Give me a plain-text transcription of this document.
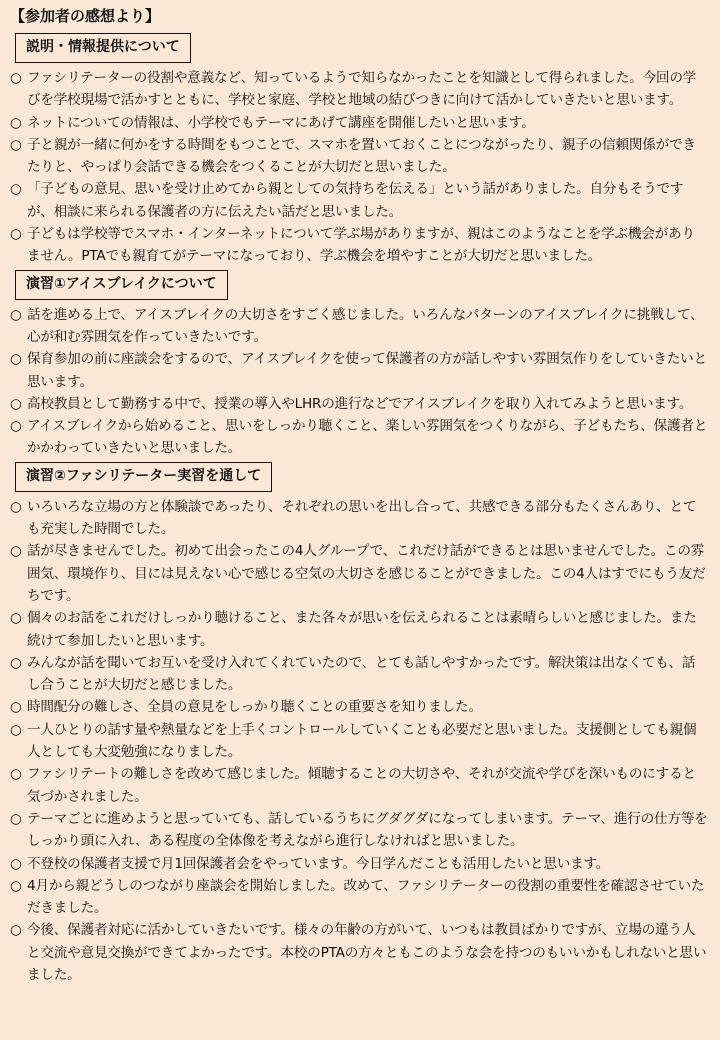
【参加者の感想より】
説明・情報提供について
○ ファシリテーターの役割や意義など、知っているようで知らなかったことを知識として得られました。今回の学びを学校現場で活かすとともに、学校と家庭、学校と地域の結びつきに向けて活かしていきたいと思います。
○ ネットについての情報は、小学校でもテーマにあげて講座を開催したいと思います。
○ 子と親が一緒に何かをする時間をもつことで、スマホを置いておくことにつながったり、親子の信頼関係ができたりと、やっぱり会話できる機会をつくることが大切だと思いました。
○ 「子どもの意見、思いを受け止めてから親としての気持ちを伝える」という話がありました。自分もそうですが、相談に来られる保護者の方に伝えたい話だと思いました。
○ 子どもは学校等でスマホ・インターネットについて学ぶ場がありますが、親はこのようなことを学ぶ機会がありません。PTAでも親育てがテーマになっており、学ぶ機会を増やすことが大切だと思いました。
演習①アイスブレイクについて
○ 話を進める上で、アイスブレイクの大切さをすごく感じました。いろんなパターンのアイスブレイクに挑戦して、心が和む雰囲気を作っていきたいです。
○ 保育参加の前に座談会をするので、アイスブレイクを使って保護者の方が話しやすい雰囲気作りをしていきたいと思います。
○ 高校教員として勤務する中で、授業の導入やLHRの進行などでアイスブレイクを取り入れてみようと思います。
○ アイスブレイクから始めること、思いをしっかり聴くこと、楽しい雰囲気をつくりながら、子どもたち、保護者とかかわっていきたいと思いました。
演習②ファシリテーター実習を通して
○ いろいろな立場の方と体験談であったり、それぞれの思いを出し合って、共感できる部分もたくさんあり、とても充実した時間でした。
○ 話が尽きませんでした。初めて出会ったこの4人グループで、これだけ話ができるとは思いませんでした。この雰囲気、環境作り、目には見えない心で感じる空気の大切さを感じることができました。この4人はすでにもう友だちです。
○ 個々のお話をこれだけしっかり聴けること、また各々が思いを伝えられることは素晴らしいと感じました。また続けて参加したいと思います。
○ みんなが話を聞いてお互いを受け入れてくれていたので、とても話しやすかったです。解決策は出なくても、話し合うことが大切だと感じました。
○ 時間配分の難しさ、全員の意見をしっかり聴くことの重要さを知りました。
○ 一人ひとりの話す量や熱量などを上手くコントロールしていくことも必要だと思いました。支援側としても親個人としても大変勉強になりました。
○ ファシリテートの難しさを改めて感じました。傾聴することの大切さや、それが交流や学びを深いものにすると気づかされました。
○ テーマごとに進めようと思っていても、話しているうちにグダグダになってしまいます。テーマ、進行の仕方等をしっかり頭に入れ、ある程度の全体像を考えながら進行しなければと思いました。
○ 不登校の保護者支援で月1回保護者会をやっています。今日学んだことも活用したいと思います。
○ 4月から親どうしのつながり座談会を開始しました。改めて、ファシリテーターの役割の重要性を確認させていただきました。
○ 今後、保護者対応に活かしていきたいです。様々の年齢の方がいて、いつもは教員ばかりですが、立場の違う人と交流や意見交換ができてよかったです。本校のPTAの方々ともこのような会を持つのもいいかもしれないと思いました。
